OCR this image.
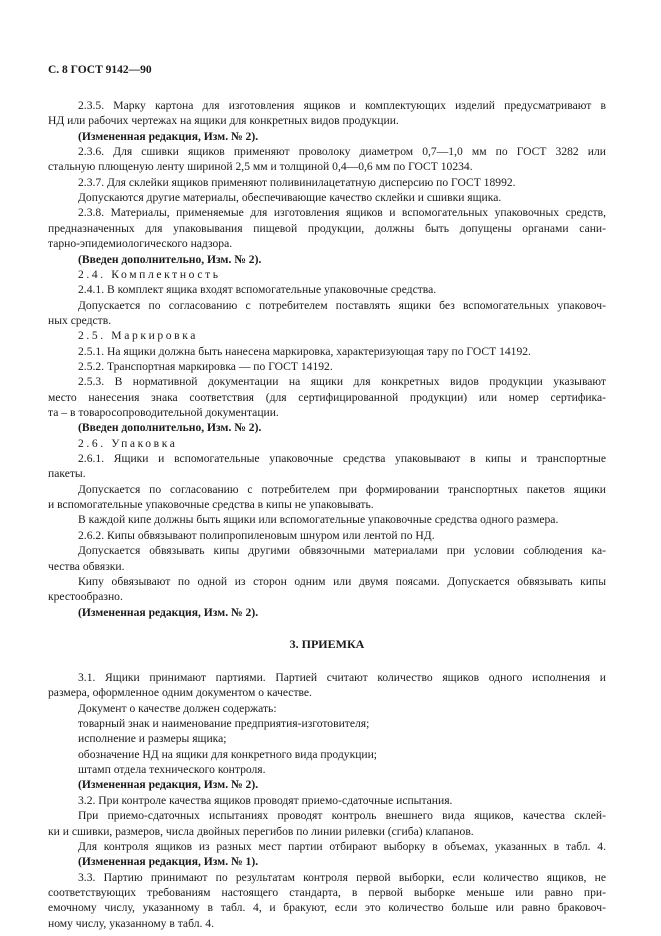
С. 8 ГОСТ 9142—90
2.3.5. Марку картона для изготовления ящиков и комплектующих изделий предусматривают в
НД или рабочих чертежах на ящики для конкретных видов продукции.
(Измененная редакция, Изм. № 2).
2.3.6. Для сшивки ящиков применяют проволоку диаметром 0,7—1,0 мм по ГОСТ 3282 или
стальную плющеную ленту шириной 2,5 мм и толщиной 0,4—0,6 мм по ГОСТ 10234.
2.3.7. Для склейки ящиков применяют поливинилацетатную дисперсию по ГОСТ 18992.
Допускаются другие материалы, обеспечивающие качество склейки и сшивки ящика.
2.3.8. Материалы, применяемые для изготовления ящиков и вспомогательных упаковочных средств,
предназначенных для упаковывания пищевой продукции, должны быть допущены органами сани-
тарно-эпидемиологического надзора.
(Введен дополнительно, Изм. № 2).
2.4. Комплектность
2.4.1. В комплект ящика входят вспомогательные упаковочные средства.
Допускается по согласованию с потребителем поставлять ящики без вспомогательных упаковоч-
ных средств.
2.5. Маркировка
2.5.1. На ящики должна быть нанесена маркировка, характеризующая тару по ГОСТ 14192.
2.5.2. Транспортная маркировка — по ГОСТ 14192.
2.5.3. В нормативной документации на ящики для конкретных видов продукции указывают
место нанесения знака соответствия (для сертифицированной продукции) или номер сертифика-
та – в товаросопроводительной документации.
(Введен дополнительно, Изм. № 2).
2.6. Упаковка
2.6.1. Ящики и вспомогательные упаковочные средства упаковывают в кипы и транспортные
пакеты.
Допускается по согласованию с потребителем при формировании транспортных пакетов ящики
и вспомогательные упаковочные средства в кипы не упаковывать.
В каждой кипе должны быть ящики или вспомогательные упаковочные средства одного размера.
2.6.2. Кипы обвязывают полипропиленовым шнуром или лентой по НД.
Допускается обвязывать кипы другими обвязочными материалами при условии соблюдения ка-
чества обвязки.
Кипу обвязывают по одной из сторон одним или двумя поясами. Допускается обвязывать кипы
крестообразно.
(Измененная редакция, Изм. № 2).
3. ПРИЕМКА
3.1. Ящики принимают партиями. Партией считают количество ящиков одного исполнения и
размера, оформленное одним документом о качестве.
Документ о качестве должен содержать:
товарный знак и наименование предприятия-изготовителя;
исполнение и размеры ящика;
обозначение НД на ящики для конкретного вида продукции;
штамп отдела технического контроля.
(Измененная редакция, Изм. № 2).
3.2. При контроле качества ящиков проводят приемо-сдаточные испытания.
При приемо-сдаточных испытаниях проводят контроль внешнего вида ящиков, качества склей-
ки и сшивки, размеров, числа двойных перегибов по линии рилевки (сгиба) клапанов.
Для контроля ящиков из разных мест партии отбирают выборку в объемах, указанных в табл. 4.
(Измененная редакция, Изм. № 1).
3.3. Партию принимают по результатам контроля первой выборки, если количество ящиков, не
соответствующих требованиям настоящего стандарта, в первой выборке меньше или равно при-
емочному числу, указанному в табл. 4, и бракуют, если это количество больше или равно браковоч-
ному числу, указанному в табл. 4.
